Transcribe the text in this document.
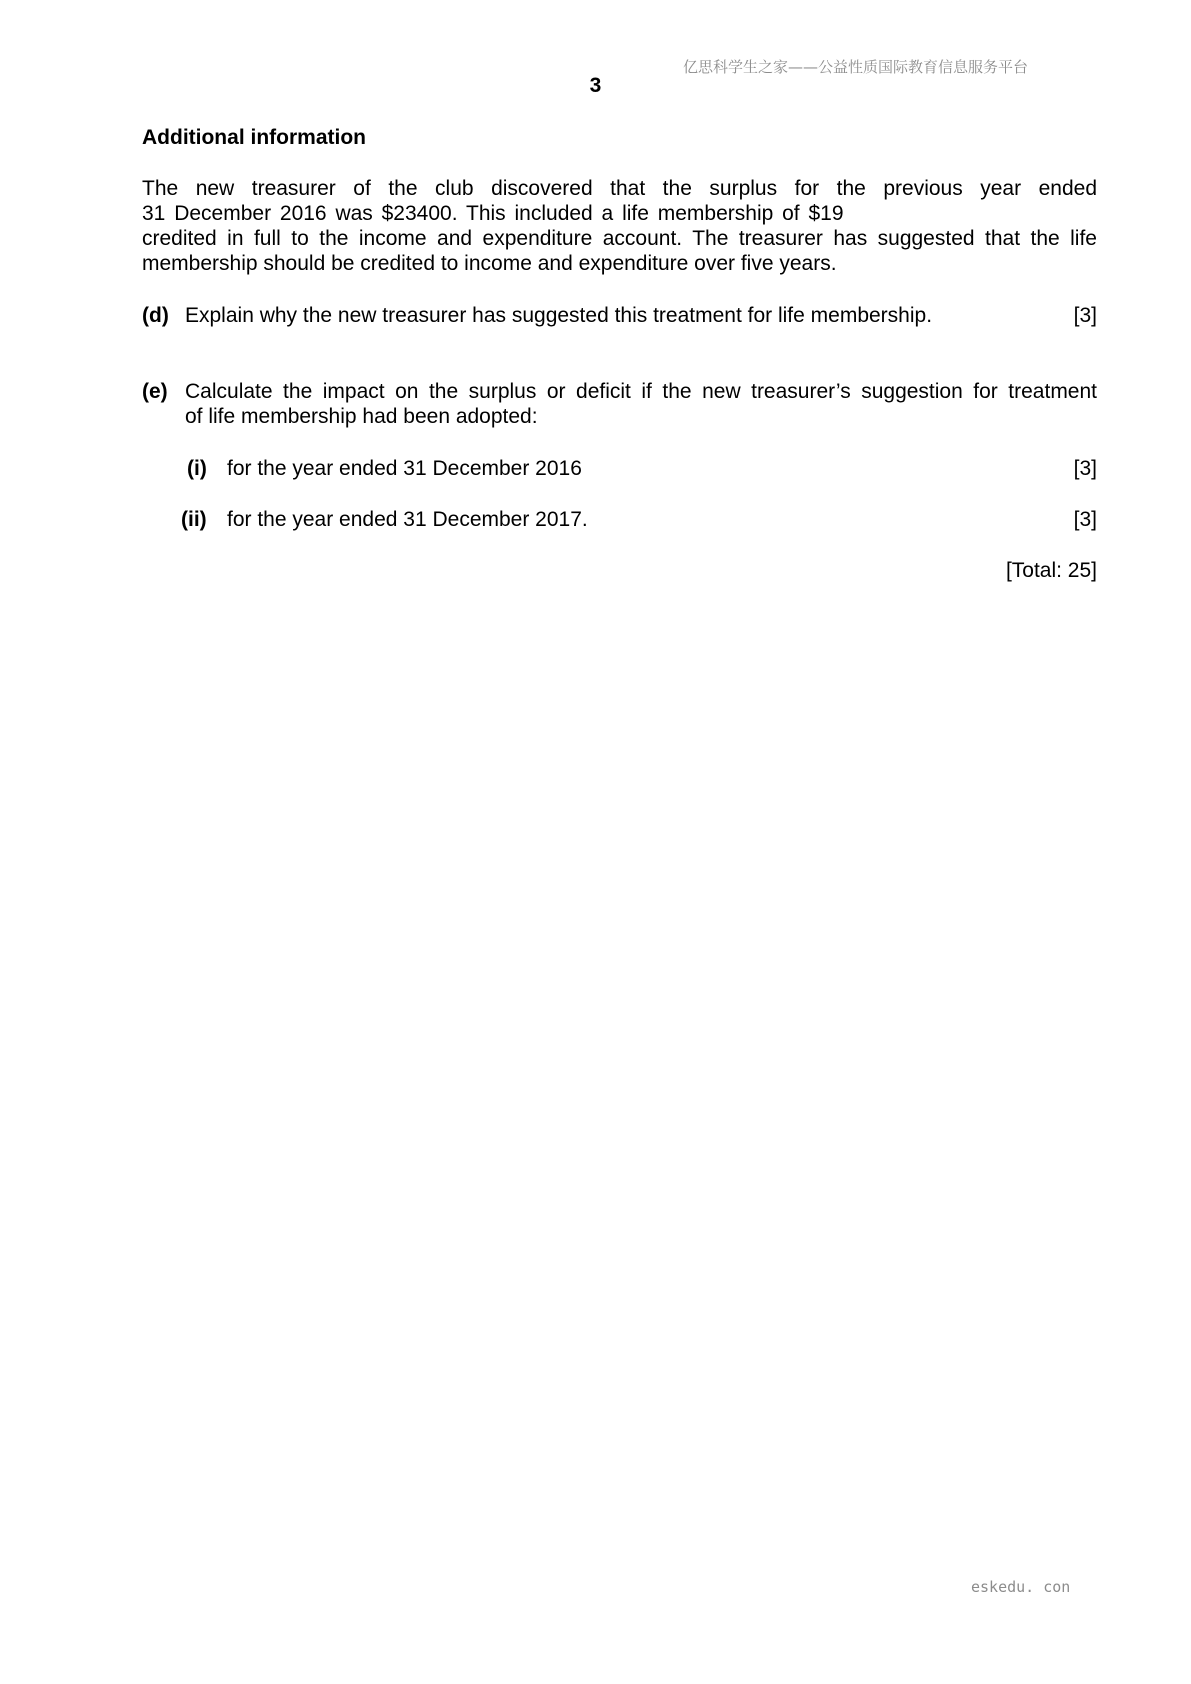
亿思科学生之家——公益性质国际教育信息服务平台
3
Additional information
The new treasurer of the club discovered that the surplus for the previous year ended
31 December 2016 was $23400. This included a life membership of $19
credited in full to the income and expenditure account. The treasurer has suggested that the life
membership should be credited to income and expenditure over five years.
(d) Explain why the new treasurer has suggested this treatment for life membership.	[3]
(e) Calculate the impact on the surplus or deficit if the new treasurer’s suggestion for treatment
of life membership had been adopted:
(i) for the year ended 31 December 2016	[3]
(ii) for the year ended 31 December 2017.	[3]
[Total: 25]
eskedu. con
